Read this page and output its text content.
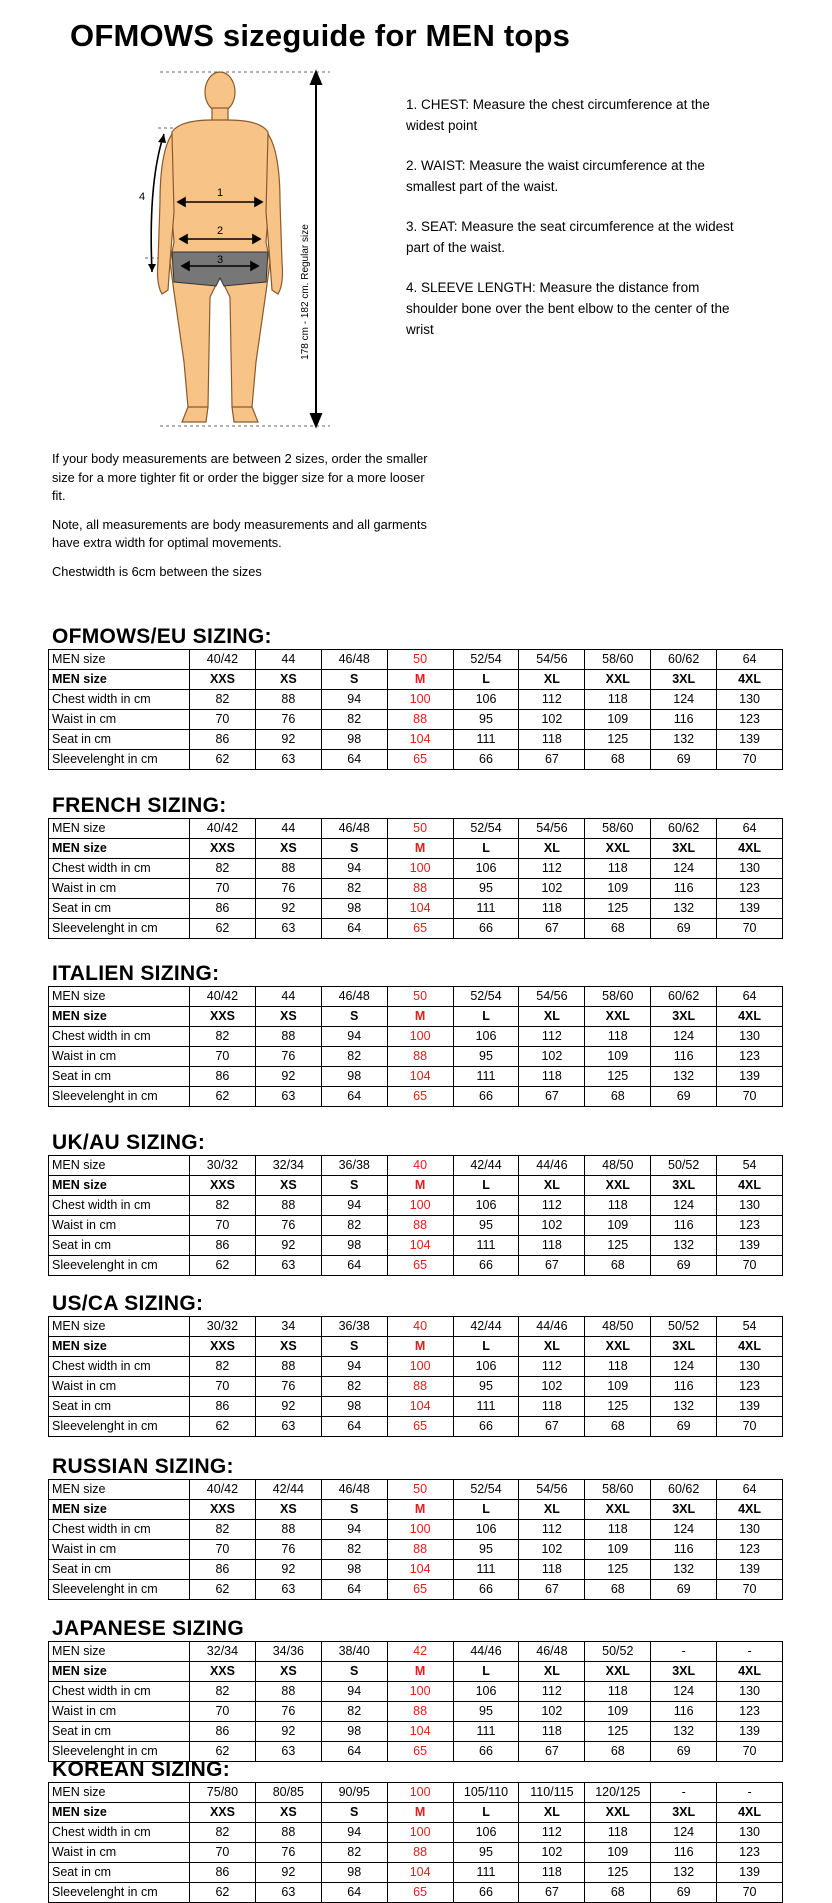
OFMOWS sizeguide for MEN tops
1
2
3
4
178 cm - 182 cm. Regular size

1. CHEST: Measure the chest circumference at the widest point

2. WAIST: Measure the waist circumference at the smallest part of the waist.

3. SEAT: Measure the seat circumference at the widest part of the waist.

4. SLEEVE LENGTH: Measure the distance from shoulder bone over the bent elbow to the center of the wrist

If your body measurements are between 2 sizes, order the smaller size for a more tighter fit or order the bigger size for a more looser fit.

Note, all measurements are body measurements and all garments have extra width for optimal movements.

Chestwidth is 6cm between the sizes

OFMOWS/EU SIZING:
MEN size	40/42	44	46/48	50	52/54	54/56	58/60	60/62	64
MEN size	XXS	XS	S	M	L	XL	XXL	3XL	4XL
Chest width in cm	82	88	94	100	106	112	118	124	130
Waist in cm	70	76	82	88	95	102	109	116	123
Seat in cm	86	92	98	104	111	118	125	132	139
Sleevelenght in cm	62	63	64	65	66	67	68	69	70
FRENCH SIZING:
MEN size	40/42	44	46/48	50	52/54	54/56	58/60	60/62	64
MEN size	XXS	XS	S	M	L	XL	XXL	3XL	4XL
Chest width in cm	82	88	94	100	106	112	118	124	130
Waist in cm	70	76	82	88	95	102	109	116	123
Seat in cm	86	92	98	104	111	118	125	132	139
Sleevelenght in cm	62	63	64	65	66	67	68	69	70
ITALIEN SIZING:
MEN size	40/42	44	46/48	50	52/54	54/56	58/60	60/62	64
MEN size	XXS	XS	S	M	L	XL	XXL	3XL	4XL
Chest width in cm	82	88	94	100	106	112	118	124	130
Waist in cm	70	76	82	88	95	102	109	116	123
Seat in cm	86	92	98	104	111	118	125	132	139
Sleevelenght in cm	62	63	64	65	66	67	68	69	70
UK/AU SIZING:
MEN size	30/32	32/34	36/38	40	42/44	44/46	48/50	50/52	54
MEN size	XXS	XS	S	M	L	XL	XXL	3XL	4XL
Chest width in cm	82	88	94	100	106	112	118	124	130
Waist in cm	70	76	82	88	95	102	109	116	123
Seat in cm	86	92	98	104	111	118	125	132	139
Sleevelenght in cm	62	63	64	65	66	67	68	69	70
US/CA SIZING:
MEN size	30/32	34	36/38	40	42/44	44/46	48/50	50/52	54
MEN size	XXS	XS	S	M	L	XL	XXL	3XL	4XL
Chest width in cm	82	88	94	100	106	112	118	124	130
Waist in cm	70	76	82	88	95	102	109	116	123
Seat in cm	86	92	98	104	111	118	125	132	139
Sleevelenght in cm	62	63	64	65	66	67	68	69	70
RUSSIAN SIZING:
MEN size	40/42	42/44	46/48	50	52/54	54/56	58/60	60/62	64
MEN size	XXS	XS	S	M	L	XL	XXL	3XL	4XL
Chest width in cm	82	88	94	100	106	112	118	124	130
Waist in cm	70	76	82	88	95	102	109	116	123
Seat in cm	86	92	98	104	111	118	125	132	139
Sleevelenght in cm	62	63	64	65	66	67	68	69	70
JAPANESE SIZING
MEN size	32/34	34/36	38/40	42	44/46	46/48	50/52	-	-
MEN size	XXS	XS	S	M	L	XL	XXL	3XL	4XL
Chest width in cm	82	88	94	100	106	112	118	124	130
Waist in cm	70	76	82	88	95	102	109	116	123
Seat in cm	86	92	98	104	111	118	125	132	139
Sleevelenght in cm	62	63	64	65	66	67	68	69	70
KOREAN SIZING:
MEN size	75/80	80/85	90/95	100	105/110	110/115	120/125	-	-
MEN size	XXS	XS	S	M	L	XL	XXL	3XL	4XL
Chest width in cm	82	88	94	100	106	112	118	124	130
Waist in cm	70	76	82	88	95	102	109	116	123
Seat in cm	86	92	98	104	111	118	125	132	139
Sleevelenght in cm	62	63	64	65	66	67	68	69	70
